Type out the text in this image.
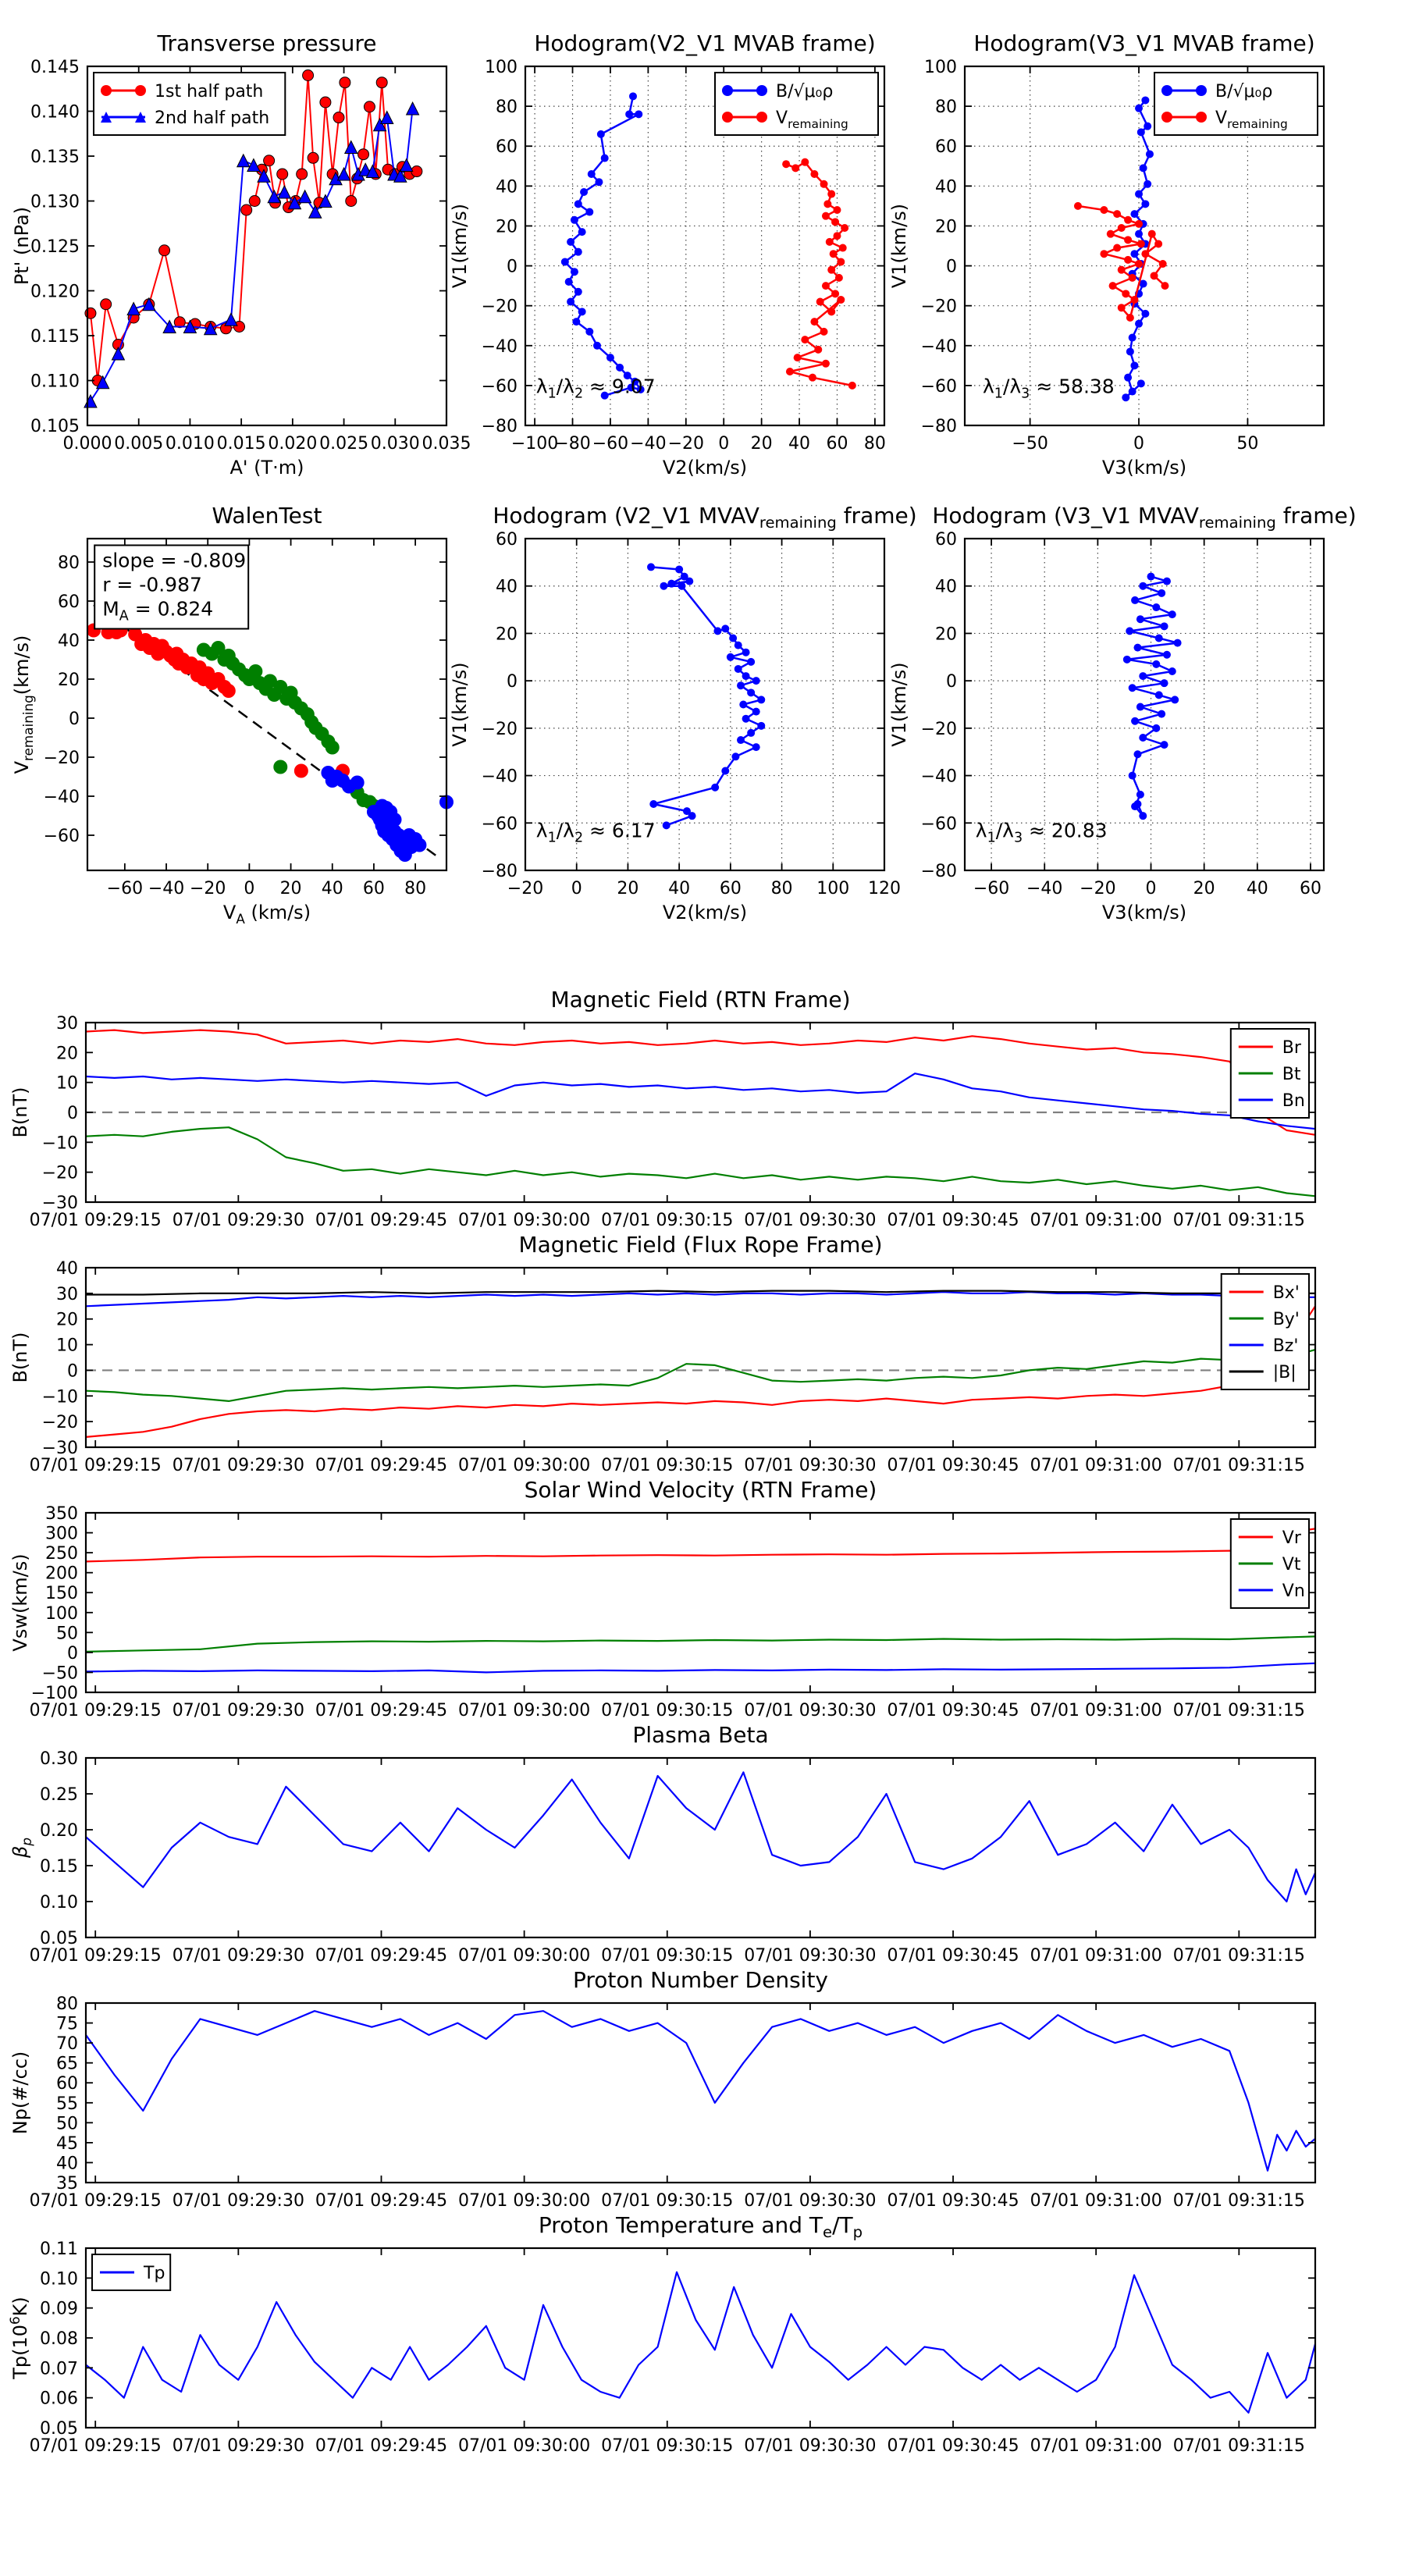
0.000 0.005 0.010 0.015 0.020 0.025 0.030 0.035
0.105
0.110
0.115
0.120
0.125
0.130
0.135
0.140
0.145
Transverse pressure
A' (T·m)
Pt' (nPa)
1st half path
2nd half path
−100
−80 −60 −40 −20 0 20 40 60 80
−80
−60
−40
−20
0
20
40
60
80
100
Hodogram(V2_V1 MVAB frame)
V2(km/s)
V1(km/s)
$\lambda_1/\lambda_2 \approx 9.07$
B/√μ₀ρ
$V_{remaining}$
−50	0	50
−80
−60
−40
−20
0
20
40
60
80
100
Hodogram(V3_V1 MVAB frame)
V3(km/s)
V1(km/s)
$\lambda_1/\lambda_3 \approx 58.38$
B/√μ₀ρ
$V_{remaining}$
−60 −40 −20 0 20 40 60 80
−60
−40
−20
0
20
40
60
80
WalenTest
$V_A$ (km/s)
$V_{remaining}(km/s)$
slope = -0.809
r = -0.987
$M_A = 0.824$
−20 0 20 40 60 80 100 120
−80
−60
−40
−20
0
20
40
60
Hodogram (V2_V1 $MVAV_{remaining}$ frame)
V2(km/s)
V1(km/s)
$\lambda_1/\lambda_2 \approx 6.17$
−60 −40 −20 0 20 40 60
−80
−60
−40
−20
0
20
40
60
Hodogram (V3_V1 $MVAV_{remaining}$ frame)
V3(km/s)
V1(km/s)
$\lambda_1/\lambda_3 \approx 20.83$
07/01 09:29:15 07/01 09:29:30 07/01 09:29:45 07/01 09:30:00 07/01 09:30:15 07/01 09:30:30 07/01 09:30:45 07/01 09:31:00 07/01 09:31:15
−30
−20
−10
0
10
20
30
Magnetic Field (RTN Frame)
B(nT)
Br
Bt
Bn
07/01 09:29:15 07/01 09:29:30 07/01 09:29:45 07/01 09:30:00 07/01 09:30:15 07/01 09:30:30 07/01 09:30:45 07/01 09:31:00 07/01 09:31:15
−30
−20
−10
0
10
20
30
40
Magnetic Field (Flux Rope Frame)
B(nT)
Bx'
By'
Bz'
|B|
07/01 09:29:15 07/01 09:29:30 07/01 09:29:45 07/01 09:30:00 07/01 09:30:15 07/01 09:30:30 07/01 09:30:45 07/01 09:31:00 07/01 09:31:15
−100
−50
0
50
100
150
200
250
300
350
Solar Wind Velocity (RTN Frame)
Vsw(km/s)
Vr
Vt
Vn
07/01 09:29:15 07/01 09:29:30 07/01 09:29:45 07/01 09:30:00 07/01 09:30:15 07/01 09:30:30 07/01 09:30:45 07/01 09:31:00 07/01 09:31:15
0.05
0.10
0.15
0.20
0.25
0.30
Plasma Beta
$\beta_p$
07/01 09:29:15 07/01 09:29:30 07/01 09:29:45 07/01 09:30:00 07/01 09:30:15 07/01 09:30:30 07/01 09:30:45 07/01 09:31:00 07/01 09:31:15
35
40
45
50
55
60
65
70
75
80
Proton Number Density
Np(#/cc)
07/01 09:29:15 07/01 09:29:30 07/01 09:29:45 07/01 09:30:00 07/01 09:30:15 07/01 09:30:30 07/01 09:30:45 07/01 09:31:00 07/01 09:31:15
0.05
0.06
0.07
0.08
0.09
0.10
0.11
Proton Temperature and $T_e/T_p$
$Tp(10^6K)$
Tp
